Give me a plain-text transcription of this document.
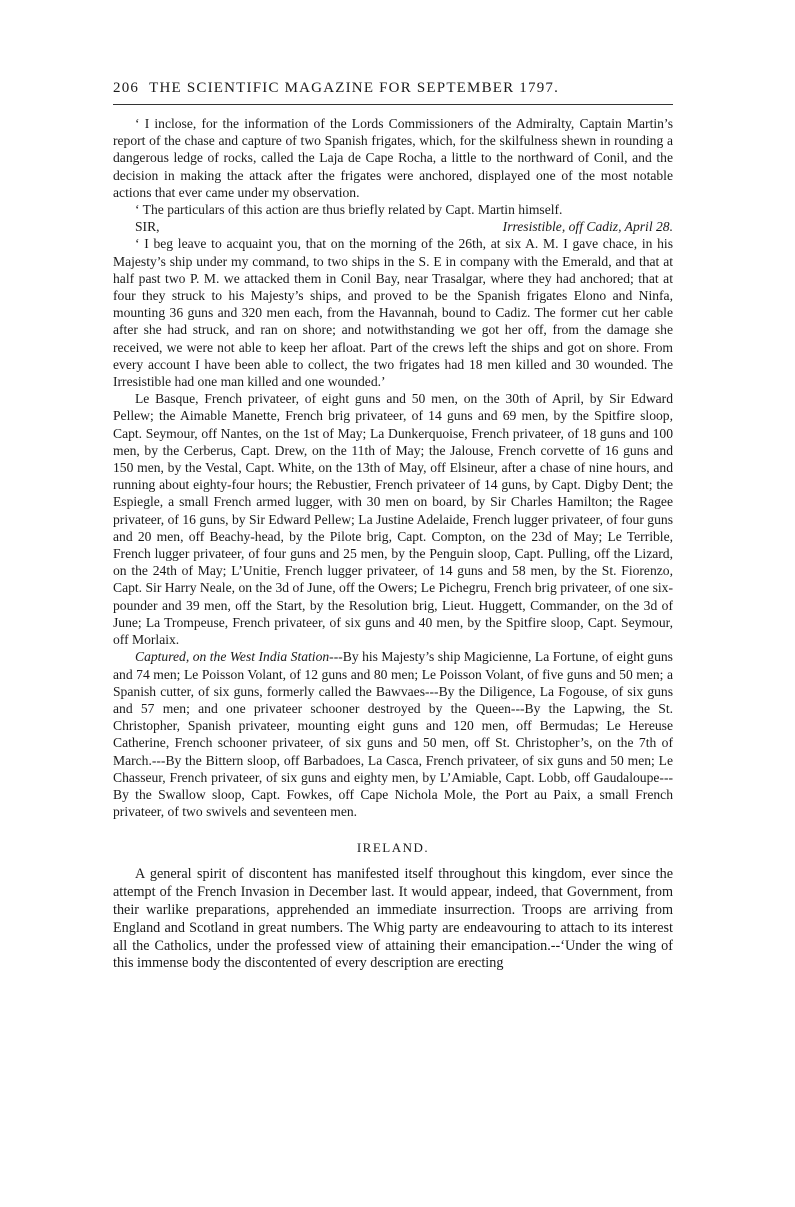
206 THE SCIENTIFIC MAGAZINE FOR SEPTEMBER 1797.

‘ I inclose, for the information of the Lords Commissioners of the Admiralty, Captain Martin’s report of the chase and capture of two Spanish frigates, which, for the skilfulness shewn in rounding a dangerous ledge of rocks, called the Laja de Cape Rocha, a little to the northward of Conil, and the decision in making the attack after the frigates were anchored, displayed one of the most notable actions that ever came under my observation.

‘ The particulars of this action are thus briefly related by Capt. Martin himself.

SIR,	Irresistible, off Cadiz, April 28.

‘ I beg leave to acquaint you, that on the morning of the 26th, at six A. M. I gave chace, in his Majesty’s ship under my command, to two ships in the S. E in company with the Emerald, and that at half past two P. M. we attacked them in Conil Bay, near Trasalgar, where they had anchored; that at four they struck to his Majesty’s ships, and proved to be the Spanish frigates Elono and Ninfa, mounting 36 guns and 320 men each, from the Havannah, bound to Cadiz. The former cut her cable after she had struck, and ran on shore; and notwithstanding we got her off, from the damage she received, we were not able to keep her afloat. Part of the crews left the ships and got on shore. From every account I have been able to collect, the two frigates had 18 men killed and 30 wounded. The Irresistible had one man killed and one wounded.’

Le Basque, French privateer, of eight guns and 50 men, on the 30th of April, by Sir Edward Pellew; the Aimable Manette, French brig privateer, of 14 guns and 69 men, by the Spitfire sloop, Capt. Seymour, off Nantes, on the 1st of May; La Dunkerquoise, French privateer, of 18 guns and 100 men, by the Cerberus, Capt. Drew, on the 11th of May; the Jalouse, French corvette of 16 guns and 150 men, by the Vestal, Capt. White, on the 13th of May, off Elsineur, after a chase of nine hours, and running about eighty-four hours; the Rebustier, French privateer of 14 guns, by Capt. Digby Dent; the Espiegle, a small French armed lugger, with 30 men on board, by Sir Charles Hamilton; the Ragee privateer, of 16 guns, by Sir Edward Pellew; La Justine Adelaide, French lugger privateer, of four guns and 20 men, off Beachy-head, by the Pilote brig, Capt. Compton, on the 23d of May; Le Terrible, French lugger privateer, of four guns and 25 men, by the Penguin sloop, Capt. Pulling, off the Lizard, on the 24th of May; L’Unitie, French lugger privateer, of 14 guns and 58 men, by the St. Fiorenzo, Capt. Sir Harry Neale, on the 3d of June, off the Owers; Le Pichegru, French brig privateer, of one six-pounder and 39 men, off the Start, by the Resolution brig, Lieut. Huggett, Commander, on the 3d of June; La Trompeuse, French privateer, of six guns and 40 men, by the Spitfire sloop, Capt. Seymour, off Morlaix.

Captured, on the West India Station---By his Majesty’s ship Magicienne, La Fortune, of eight guns and 74 men; Le Poisson Volant, of 12 guns and 80 men; Le Poisson Volant, of five guns and 50 men; a Spanish cutter, of six guns, formerly called the Bawvaes---By the Diligence, La Fogouse, of six guns and 57 men; and one privateer schooner destroyed by the Queen---By the Lapwing, the St. Christopher, Spanish privateer, mounting eight guns and 120 men, off Bermudas; Le Hereuse Catherine, French schooner privateer, of six guns and 50 men, off St. Christopher’s, on the 7th of March.---By the Bittern sloop, off Barbadoes, La Casca, French privateer, of six guns and 50 men; Le Chasseur, French privateer, of six guns and eighty men, by L’Amiable, Capt. Lobb, off Gaudaloupe---By the Swallow sloop, Capt. Fowkes, off Cape Nichola Mole, the Port au Paix, a small French privateer, of two swivels and seventeen men.

IRELAND.

A general spirit of discontent has manifested itself throughout this kingdom, ever since the attempt of the French Invasion in December last. It would appear, indeed, that Government, from their warlike preparations, apprehended an immediate insurrection. Troops are arriving from England and Scotland in great numbers. The Whig party are endeavouring to attach to its interest all the Catholics, under the professed view of attaining their emancipation.--‘Under the wing of this immense body the discontented of every description are erecting
